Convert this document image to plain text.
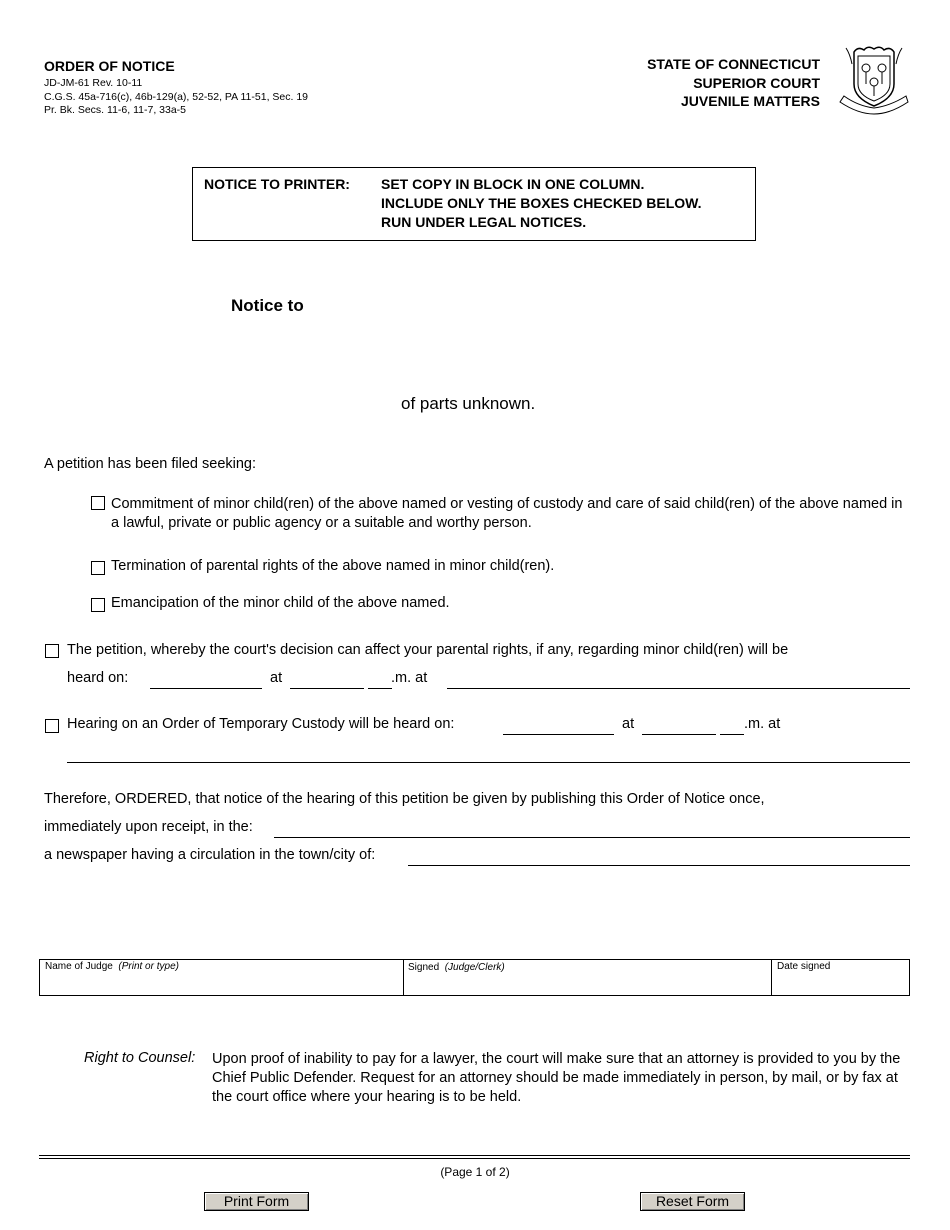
ORDER OF NOTICE
JD-JM-61 Rev. 10-11
C.G.S. 45a-716(c), 46b-129(a), 52-52, PA 11-51, Sec. 19
Pr. Bk. Secs. 11-6, 11-7, 33a-5
STATE OF CONNECTICUT
SUPERIOR COURT
JUVENILE MATTERS
NOTICE TO PRINTER: SET COPY IN BLOCK IN ONE COLUMN.
INCLUDE ONLY THE BOXES CHECKED BELOW.
RUN UNDER LEGAL NOTICES.
Notice to
of parts unknown.
A petition has been filed seeking:
Commitment of minor child(ren) of the above named or vesting of custody and care of said child(ren) of the above named in a lawful, private or public agency or a suitable and worthy person.
Termination of parental rights of the above named in minor child(ren).
Emancipation of the minor child of the above named.
The petition, whereby the court's decision can affect your parental rights, if any, regarding minor child(ren) will be
heard on:	at	.m. at
Hearing on an Order of Temporary Custody will be heard on:	at	.m. at
Therefore, ORDERED, that notice of the hearing of this petition be given by publishing this Order of Notice once,
immediately upon receipt, in the:
a newspaper having a circulation in the town/city of:
Name of Judge (Print or type)	Signed (Judge/Clerk)	Date signed
Right to Counsel: Upon proof of inability to pay for a lawyer, the court will make sure that an attorney is provided to you by the Chief Public Defender. Request for an attorney should be made immediately in person, by mail, or by fax at the court office where your hearing is to be held.
(Page 1 of 2)
Print Form	Reset Form
